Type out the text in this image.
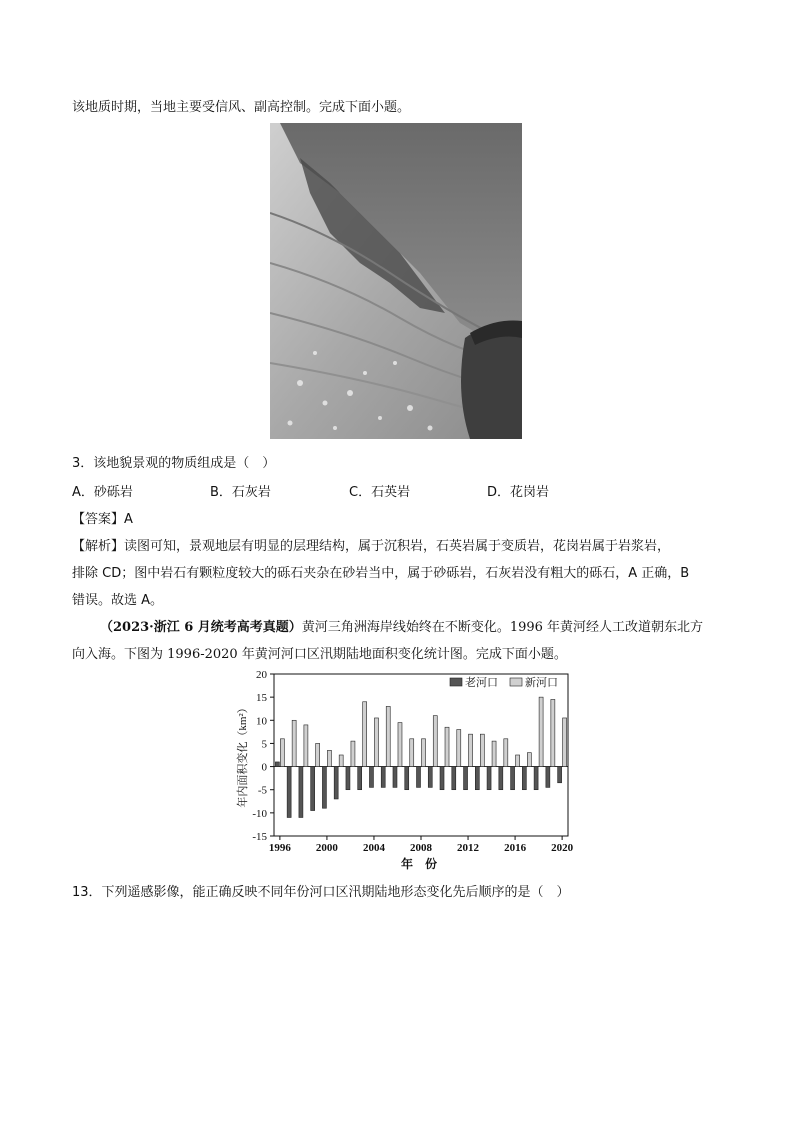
该地质时期，当地主要受信风、副高控制。完成下面小题。
3．该地貌景观的物质组成是（　）
A．砂砾岩	B．石灰岩	C．石英岩	D．花岗岩
【答案】A
【解析】读图可知，景观地层有明显的层理结构，属于沉积岩，石英岩属于变质岩，花岗岩属于岩浆岩，
排除 CD；图中岩石有颗粒度较大的砾石夹杂在砂岩当中，属于砂砾岩，石灰岩没有粗大的砾石，A 正确，B
错误。故选 A。
（2023·浙江 6 月统考高考真题）黄河三角洲海岸线始终在不断变化。1996 年黄河经人工改道朝东北方
向入海。下图为 1996-2020 年黄河河口区汛期陆地面积变化统计图。完成下面小题。
-15
-10
-5
0
5
10
15
20
1996 2000 2004 2008 2012 2016 2020
老河口 新河口
年内面积变化（km²）
年　份
13．下列遥感影像，能正确反映不同年份河口区汛期陆地形态变化先后顺序的是（　）
